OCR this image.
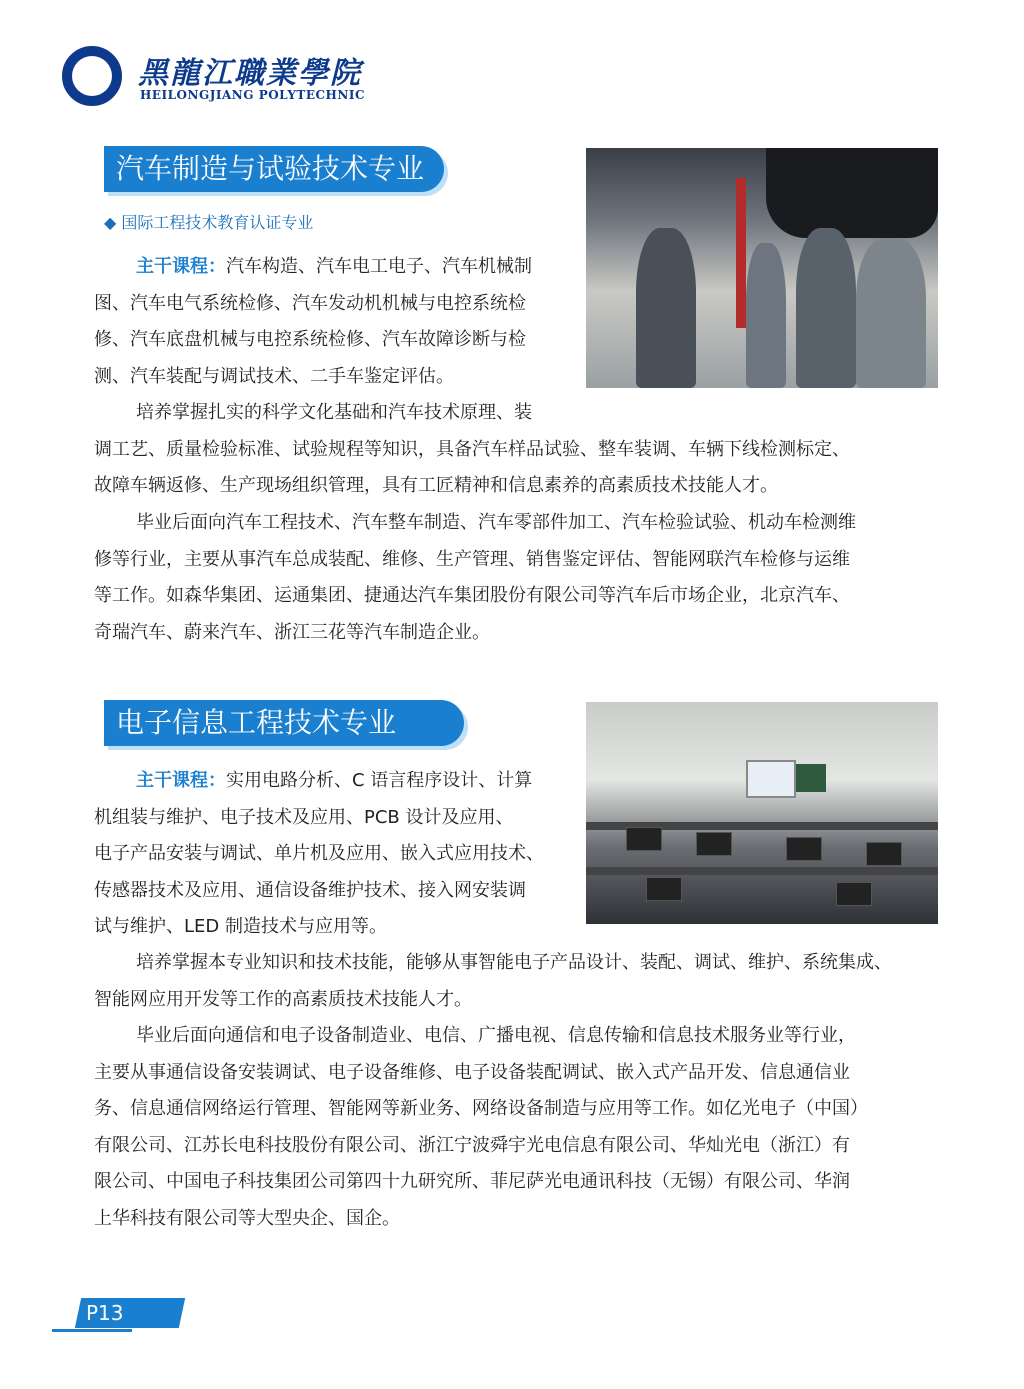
黑龍江職業學院
HEILONGJIANG POLYTECHNIC
汽车制造与试验技术专业
◆ 国际工程技术教育认证专业
主干课程：汽车构造、汽车电工电子、汽车机械制
图、汽车电气系统检修、汽车发动机机械与电控系统检
修、汽车底盘机械与电控系统检修、汽车故障诊断与检
测、汽车装配与调试技术、二手车鉴定评估。
培养掌握扎实的科学文化基础和汽车技术原理、装
调工艺、质量检验标准、试验规程等知识，具备汽车样品试验、整车装调、车辆下线检测标定、
故障车辆返修、生产现场组织管理，具有工匠精神和信息素养的高素质技术技能人才。
毕业后面向汽车工程技术、汽车整车制造、汽车零部件加工、汽车检验试验、机动车检测维
修等行业，主要从事汽车总成装配、维修、生产管理、销售鉴定评估、智能网联汽车检修与运维
等工作。如森华集团、运通集团、捷通达汽车集团股份有限公司等汽车后市场企业，北京汽车、
奇瑞汽车、蔚来汽车、浙江三花等汽车制造企业。
电子信息工程技术专业
主干课程：实用电路分析、C 语言程序设计、计算
机组装与维护、电子技术及应用、PCB 设计及应用、
电子产品安装与调试、单片机及应用、嵌入式应用技术、
传感器技术及应用、通信设备维护技术、接入网安装调
试与维护、LED 制造技术与应用等。
培养掌握本专业知识和技术技能，能够从事智能电子产品设计、装配、调试、维护、系统集成、
智能网应用开发等工作的高素质技术技能人才。
毕业后面向通信和电子设备制造业、电信、广播电视、信息传输和信息技术服务业等行业，
主要从事通信设备安装调试、电子设备维修、电子设备装配调试、嵌入式产品开发、信息通信业
务、信息通信网络运行管理、智能网等新业务、网络设备制造与应用等工作。如亿光电子（中国）
有限公司、江苏长电科技股份有限公司、浙江宁波舜宇光电信息有限公司、华灿光电（浙江）有
限公司、中国电子科技集团公司第四十九研究所、菲尼萨光电通讯科技（无锡）有限公司、华润
上华科技有限公司等大型央企、国企。
P13
